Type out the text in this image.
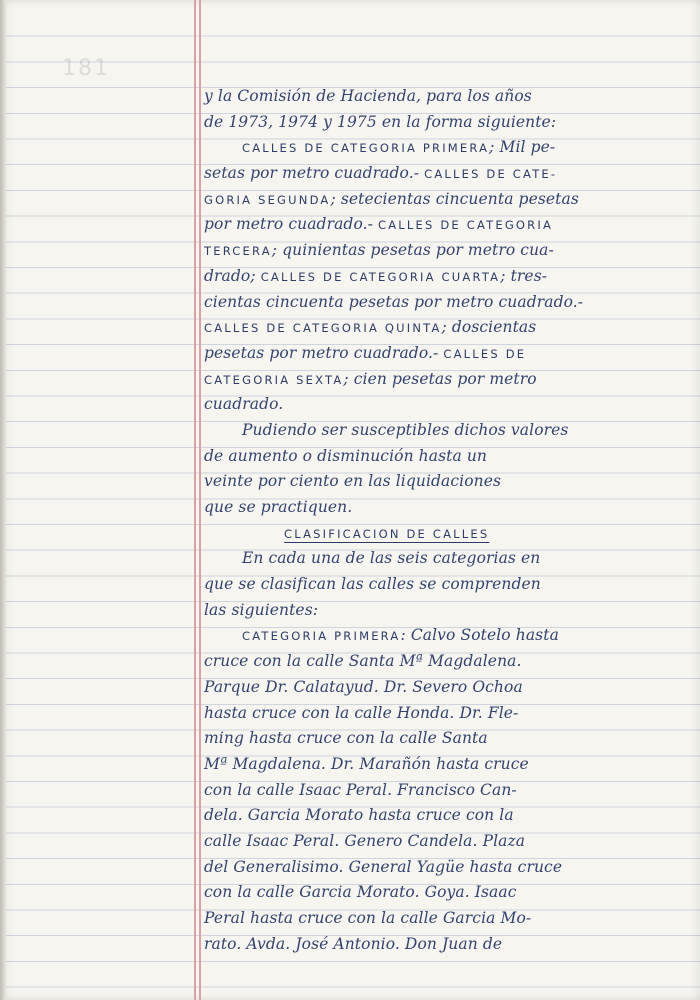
181
y la Comisión de Hacienda, para los años
de 1973, 1974 y 1975 en la forma siguiente:
CALLES DE CATEGORIA PRIMERA; Mil pe-
setas por metro cuadrado.- CALLES DE CATE-
GORIA SEGUNDA; setecientas cincuenta pesetas
por metro cuadrado.- CALLES DE CATEGORIA
TERCERA; quinientas pesetas por metro cua-
drado; CALLES DE CATEGORIA CUARTA; tres-
cientas cincuenta pesetas por metro cuadrado.-
CALLES DE CATEGORIA QUINTA; doscientas
pesetas por metro cuadrado.- CALLES DE
CATEGORIA SEXTA; cien pesetas por metro
cuadrado.
Pudiendo ser susceptibles dichos valores
de aumento o disminución hasta un
veinte por ciento en las liquidaciones
que se practiquen.
CLASIFICACION DE CALLES
En cada una de las seis categorias en
que se clasifican las calles se comprenden
las siguientes:
CATEGORIA PRIMERA: Calvo Sotelo hasta
cruce con la calle Santa Mª Magdalena.
Parque Dr. Calatayud. Dr. Severo Ochoa
hasta cruce con la calle Honda. Dr. Fle-
ming hasta cruce con la calle Santa
Mª Magdalena. Dr. Marañón hasta cruce
con la calle Isaac Peral. Francisco Can-
dela. Garcia Morato hasta cruce con la
calle Isaac Peral. Genero Candela. Plaza
del Generalisimo. General Yagüe hasta cruce
con la calle Garcia Morato. Goya. Isaac
Peral hasta cruce con la calle Garcia Mo-
rato. Avda. José Antonio. Don Juan de
